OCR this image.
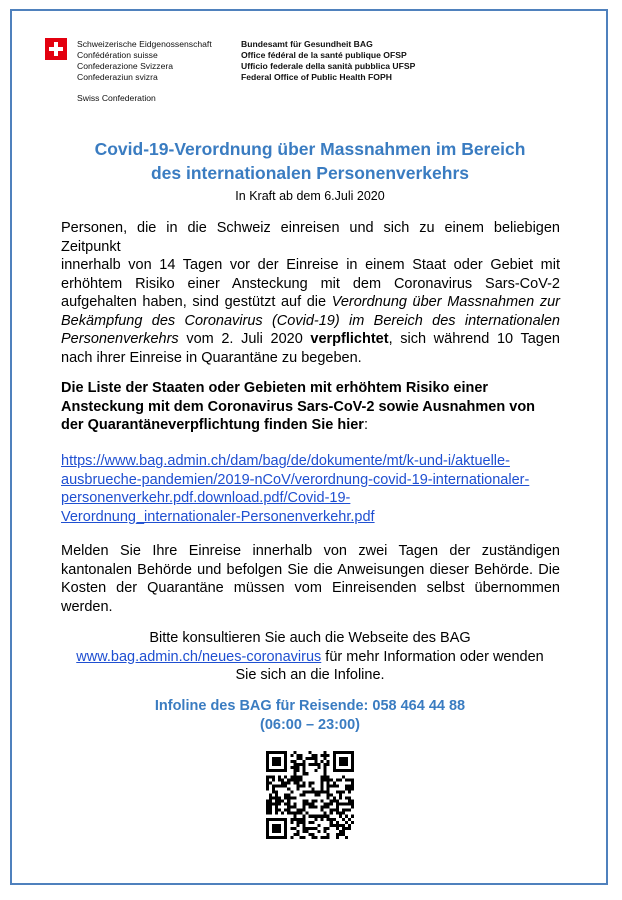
Schweizerische Eidgenossenschaft
Confédération suisse
Confederazione Svizzera
Confederaziun svizra
Swiss Confederation
Bundesamt für Gesundheit BAG
Office fédéral de la santé publique OFSP
Ufficio federale della sanità pubblica UFSP
Federal Office of Public Health FOPH
Covid-19-Verordnung über Massnahmen im Bereich
des internationalen Personenverkehrs
In Kraft ab dem 6.Juli 2020
Personen, die in die Schweiz einreisen und sich zu einem beliebigen
Zeitpunkt
innerhalb von 14 Tagen vor der Einreise in einem Staat oder Gebiet mit erhöhtem Risiko einer Ansteckung mit dem Coronavirus Sars-CoV-2 aufgehalten haben, sind gestützt auf die Verordnung über Massnahmen zur Bekämpfung des Coronavirus (Covid-19) im Bereich des internationalen Personenverkehrs vom 2. Juli 2020 verpflichtet, sich während 10 Tagen nach ihrer Einreise in Quarantäne zu begeben.
Die Liste der Staaten oder Gebieten mit erhöhtem Risiko einer Ansteckung mit dem Coronavirus Sars-CoV-2 sowie Ausnahmen von der Quarantäneverpflichtung finden Sie hier:
https://www.bag.admin.ch/dam/bag/de/dokumente/mt/k-und-i/aktuelle-
ausbrueche-pandemien/2019-nCoV/verordnung-covid-19-internationaler-
personenverkehr.pdf.download.pdf/Covid-19-
Verordnung_internationaler-Personenverkehr.pdf
Melden Sie Ihre Einreise innerhalb von zwei Tagen der zuständigen kantonalen Behörde und befolgen Sie die Anweisungen dieser Behörde. Die Kosten der Quarantäne müssen vom Einreisenden selbst übernommen werden.
Bitte konsultieren Sie auch die Webseite des BAG
www.bag.admin.ch/neues-coronavirus für mehr Information oder wenden
Sie sich an die Infoline.
Infoline des BAG für Reisende: 058 464 44 88
(06:00 – 23:00)
